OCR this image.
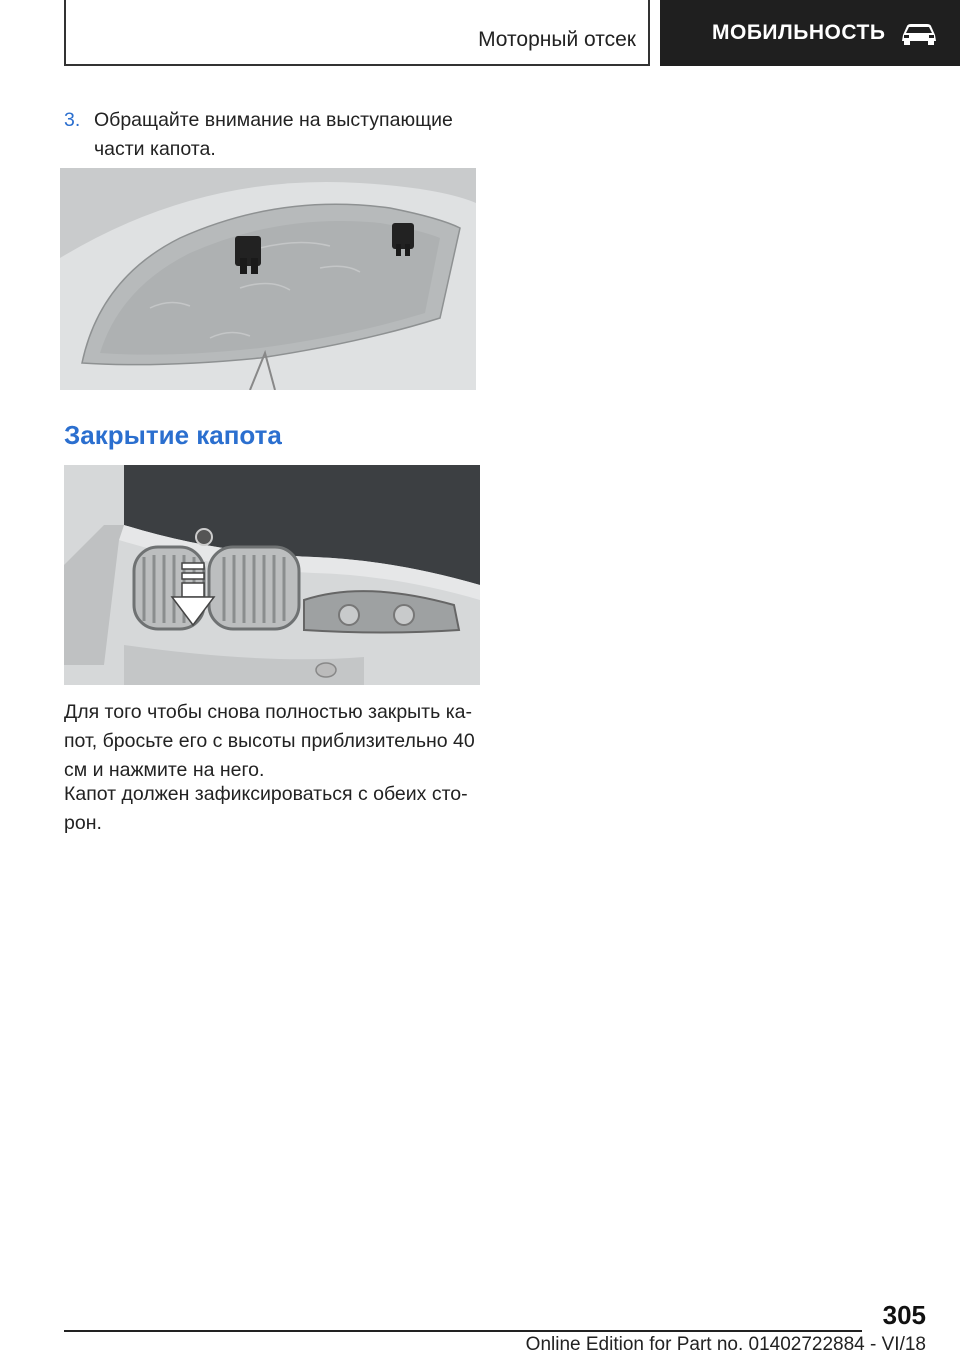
Моторный отсек	МОБИЛЬНОСТЬ
3. Обращайте внимание на выступающие части капота.
Закрытие капота
Для того чтобы снова полностью закрыть капот, бросьте его с высоты приблизительно 40 см и нажмите на него.
Капот должен зафиксироваться с обеих сторон.
305
Online Edition for Part no. 01402722884 - VI/18
